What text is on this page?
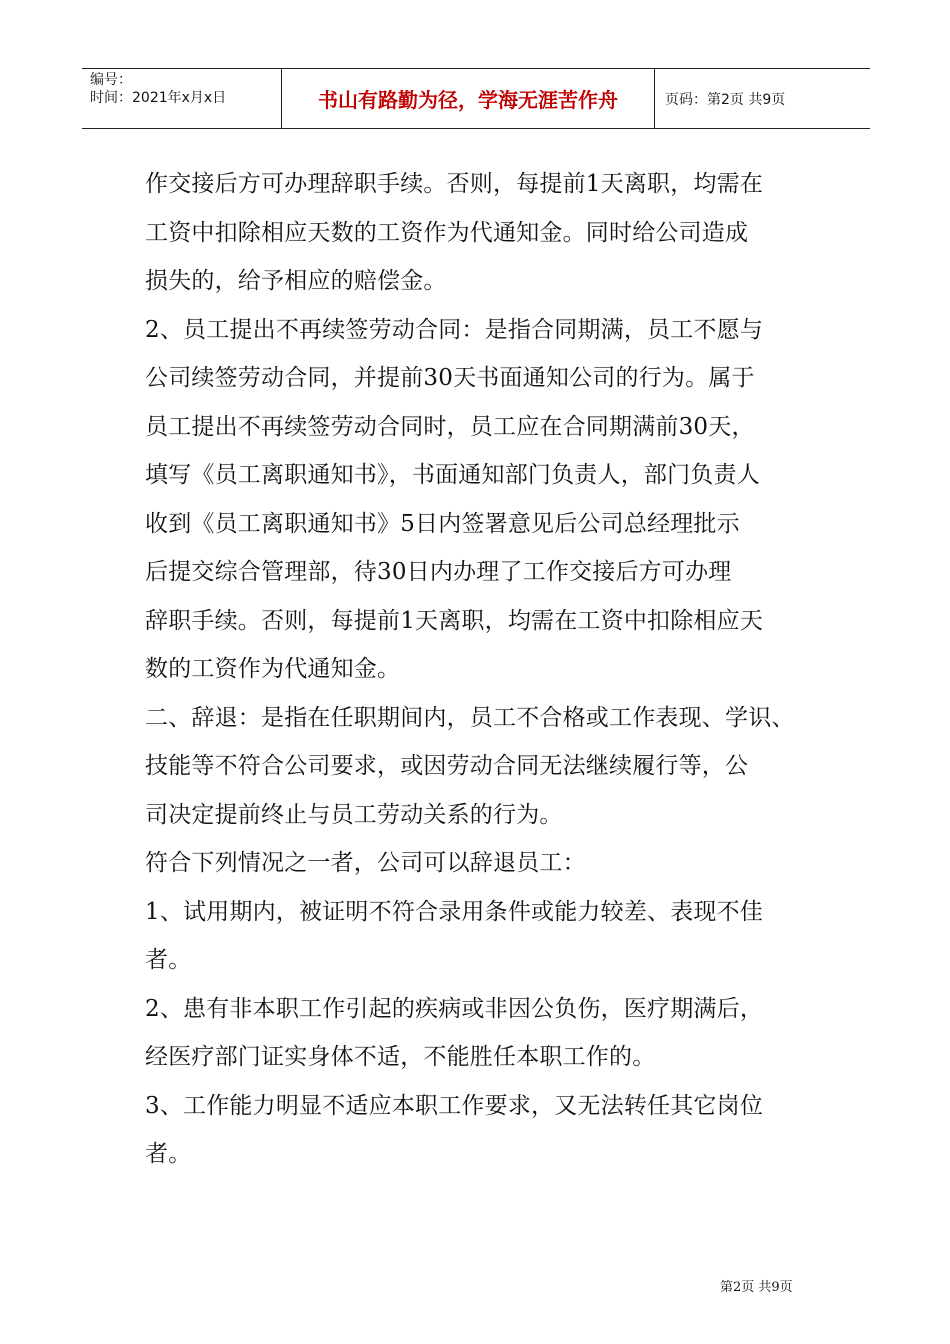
编号：
时间：2021年x月x日	书山有路勤为径，学海无涯苦作舟	页码：第2页 共9页
作交接后方可办理辞职手续。否则，每提前1天离职，均需在
工资中扣除相应天数的工资作为代通知金。同时给公司造成
损失的，给予相应的赔偿金。
2、员工提出不再续签劳动合同：是指合同期满，员工不愿与
公司续签劳动合同，并提前30天书面通知公司的行为。属于
员工提出不再续签劳动合同时，员工应在合同期满前30天，
填写《员工离职通知书》，书面通知部门负责人，部门负责人
收到《员工离职通知书》5日内签署意见后公司总经理批示
后提交综合管理部，待30日内办理了工作交接后方可办理
辞职手续。否则，每提前1天离职，均需在工资中扣除相应天
数的工资作为代通知金。
二、辞退：是指在任职期间内，员工不合格或工作表现、学识、
技能等不符合公司要求，或因劳动合同无法继续履行等，公
司决定提前终止与员工劳动关系的行为。
符合下列情况之一者，公司可以辞退员工：
1、试用期内，被证明不符合录用条件或能力较差、表现不佳
者。
2、患有非本职工作引起的疾病或非因公负伤，医疗期满后，
经医疗部门证实身体不适，不能胜任本职工作的。
3、工作能力明显不适应本职工作要求，又无法转任其它岗位
者。
第2页 共9页
